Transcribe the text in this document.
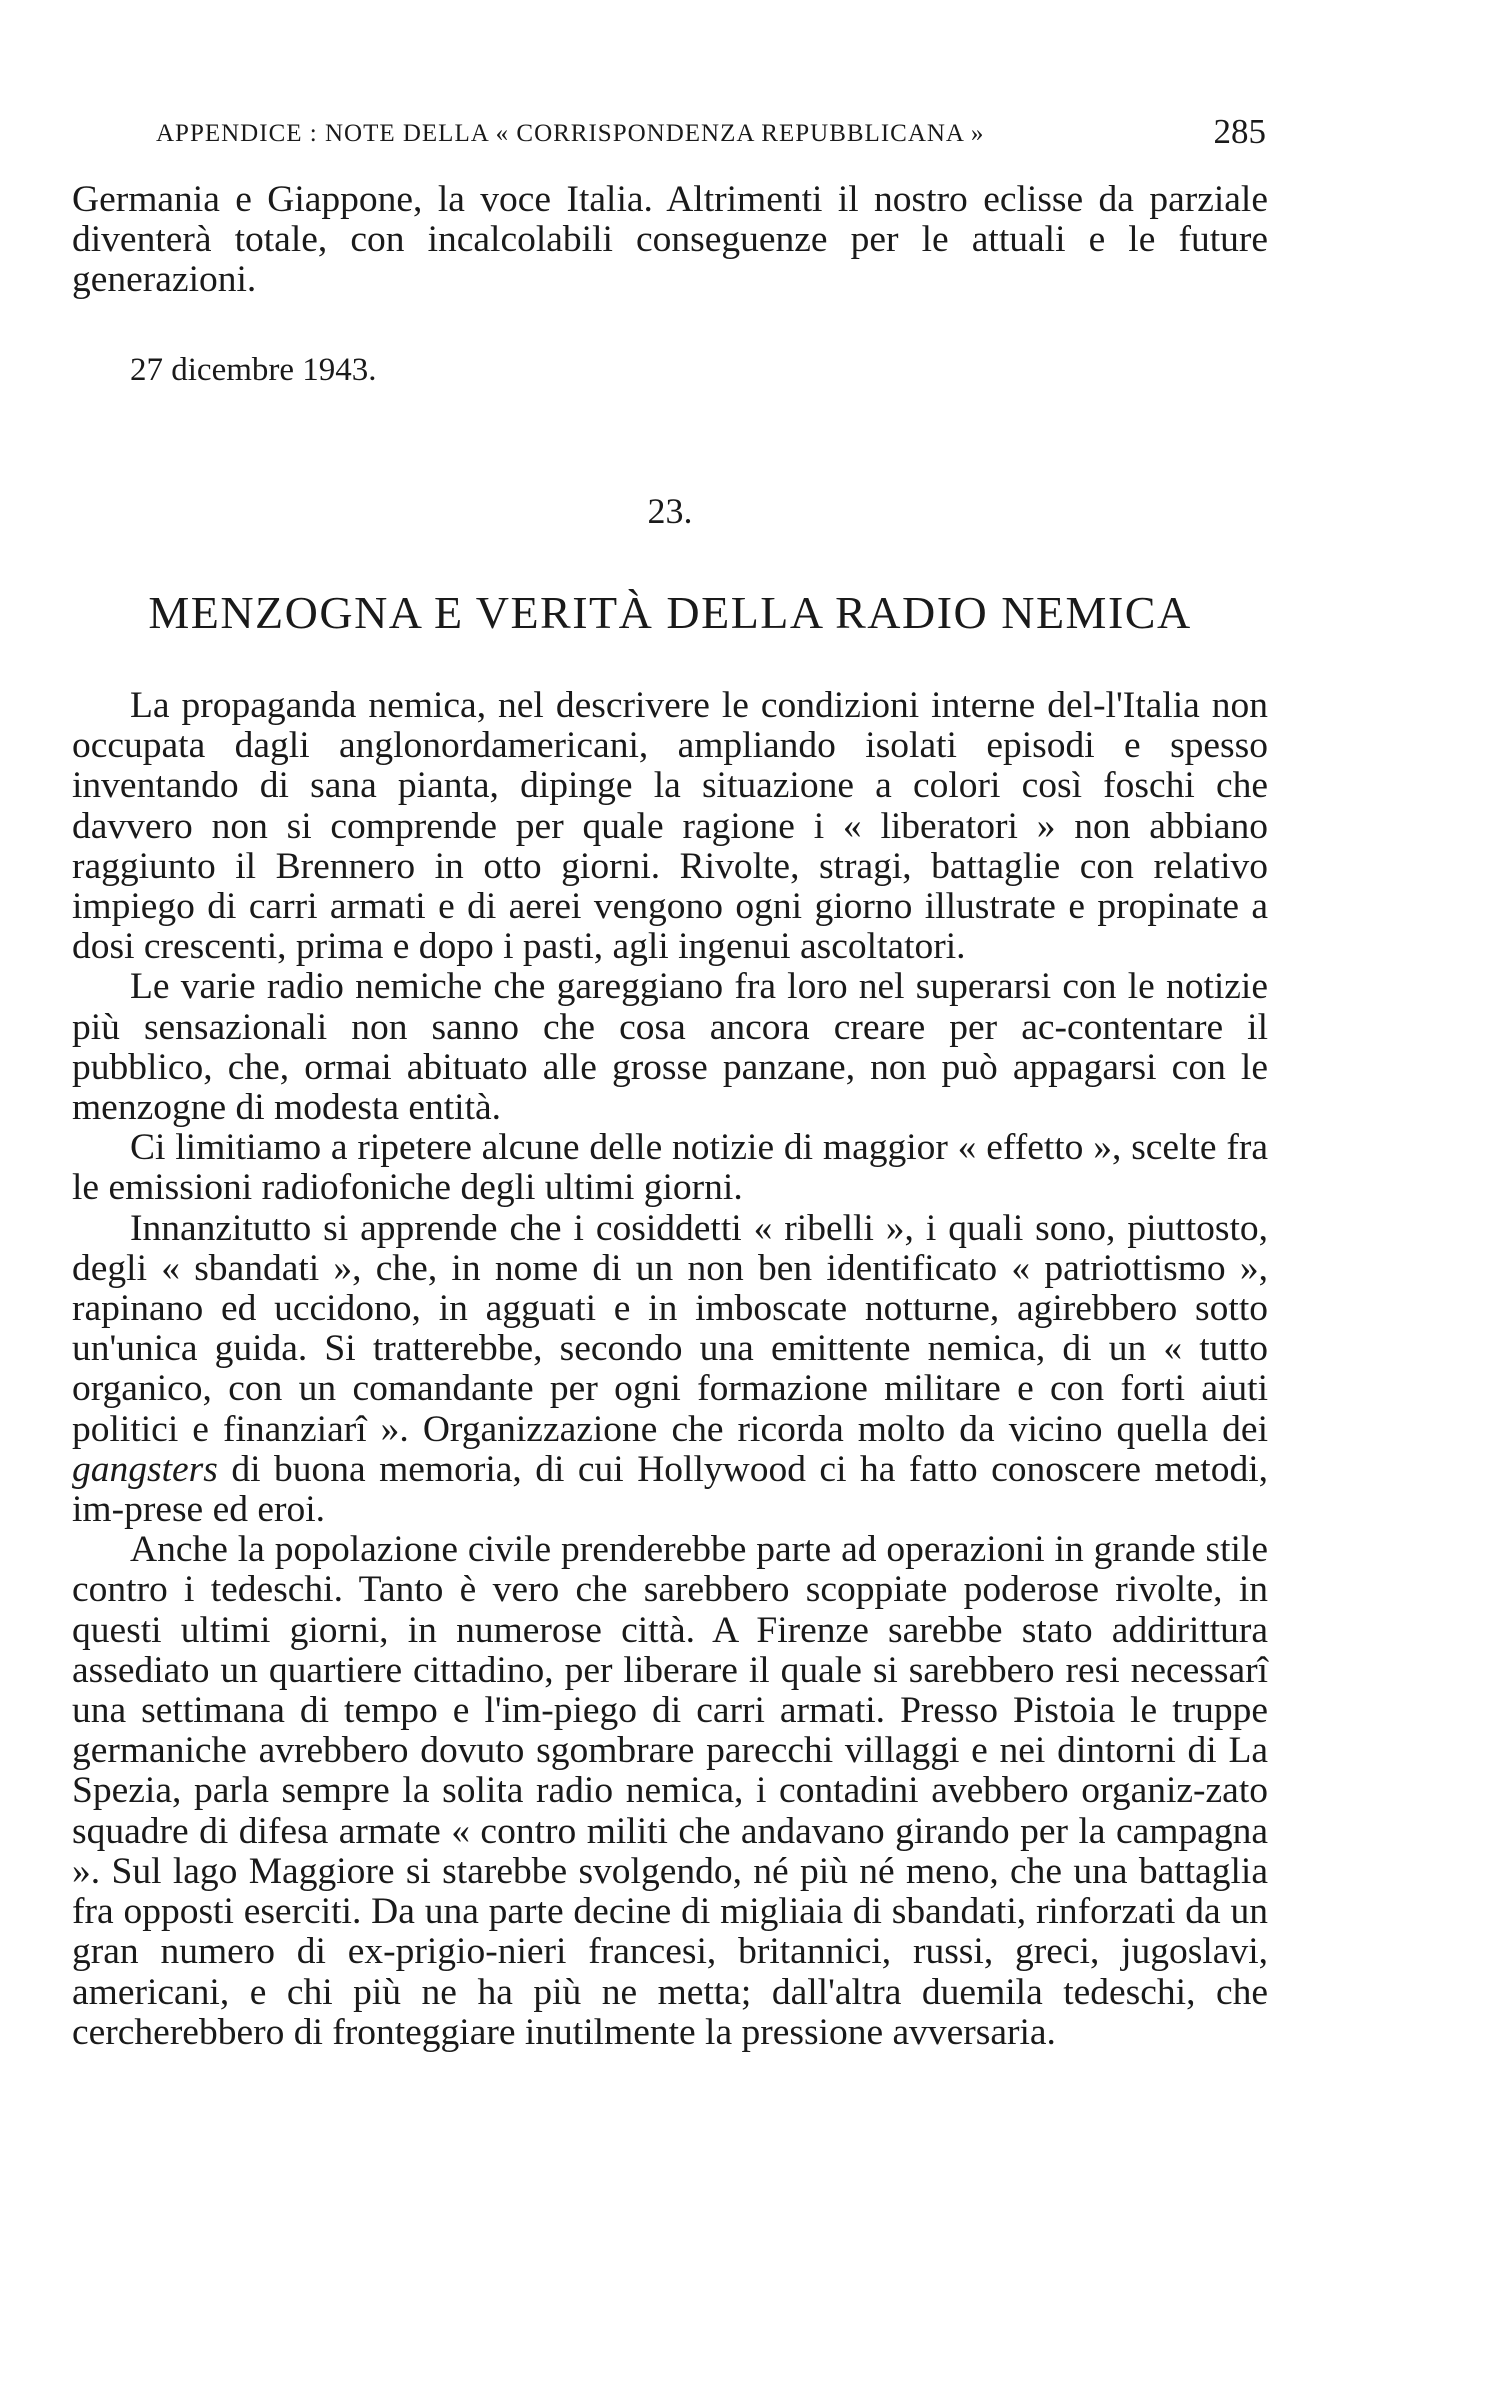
APPENDICE : NOTE DELLA « CORRISPONDENZA REPUBBLICANA »	285

Germania e Giappone, la voce Italia. Altrimenti il nostro eclisse da parziale diventerà totale, con incalcolabili conseguenze per le attuali e le future generazioni.

27 dicembre 1943.
23.
MENZOGNA E VERITÀ DELLA RADIO NEMICA

La propaganda nemica, nel descrivere le condizioni interne del-l'Italia non occupata dagli anglonordamericani, ampliando isolati episodi e spesso inventando di sana pianta, dipinge la situazione a colori così foschi che davvero non si comprende per quale ragione i « liberatori » non abbiano raggiunto il Brennero in otto giorni. Rivolte, stragi, battaglie con relativo impiego di carri armati e di aerei vengono ogni giorno illustrate e propinate a dosi crescenti, prima e dopo i pasti, agli ingenui ascoltatori.

Le varie radio nemiche che gareggiano fra loro nel superarsi con le notizie più sensazionali non sanno che cosa ancora creare per ac-contentare il pubblico, che, ormai abituato alle grosse panzane, non può appagarsi con le menzogne di modesta entità.

Ci limitiamo a ripetere alcune delle notizie di maggior « effetto », scelte fra le emissioni radiofoniche degli ultimi giorni.

Innanzitutto si apprende che i cosiddetti « ribelli », i quali sono, piuttosto, degli « sbandati », che, in nome di un non ben identificato « patriottismo », rapinano ed uccidono, in agguati e in imboscate notturne, agirebbero sotto un'unica guida. Si tratterebbe, secondo una emittente nemica, di un « tutto organico, con un comandante per ogni formazione militare e con forti aiuti politici e finanziarî ». Organizzazione che ricorda molto da vicino quella dei gangsters di buona memoria, di cui Hollywood ci ha fatto conoscere metodi, im-prese ed eroi.

Anche la popolazione civile prenderebbe parte ad operazioni in grande stile contro i tedeschi. Tanto è vero che sarebbero scoppiate poderose rivolte, in questi ultimi giorni, in numerose città. A Firenze sarebbe stato addirittura assediato un quartiere cittadino, per liberare il quale si sarebbero resi necessarî una settimana di tempo e l'im-piego di carri armati. Presso Pistoia le truppe germaniche avrebbero dovuto sgombrare parecchi villaggi e nei dintorni di La Spezia, parla sempre la solita radio nemica, i contadini avebbero organiz-zato squadre di difesa armate « contro militi che andavano girando per la campagna ». Sul lago Maggiore si starebbe svolgendo, né più né meno, che una battaglia fra opposti eserciti. Da una parte decine di migliaia di sbandati, rinforzati da un gran numero di ex-prigio-nieri francesi, britannici, russi, greci, jugoslavi, americani, e chi più ne ha più ne metta; dall'altra duemila tedeschi, che cercherebbero di fronteggiare inutilmente la pressione avversaria.
